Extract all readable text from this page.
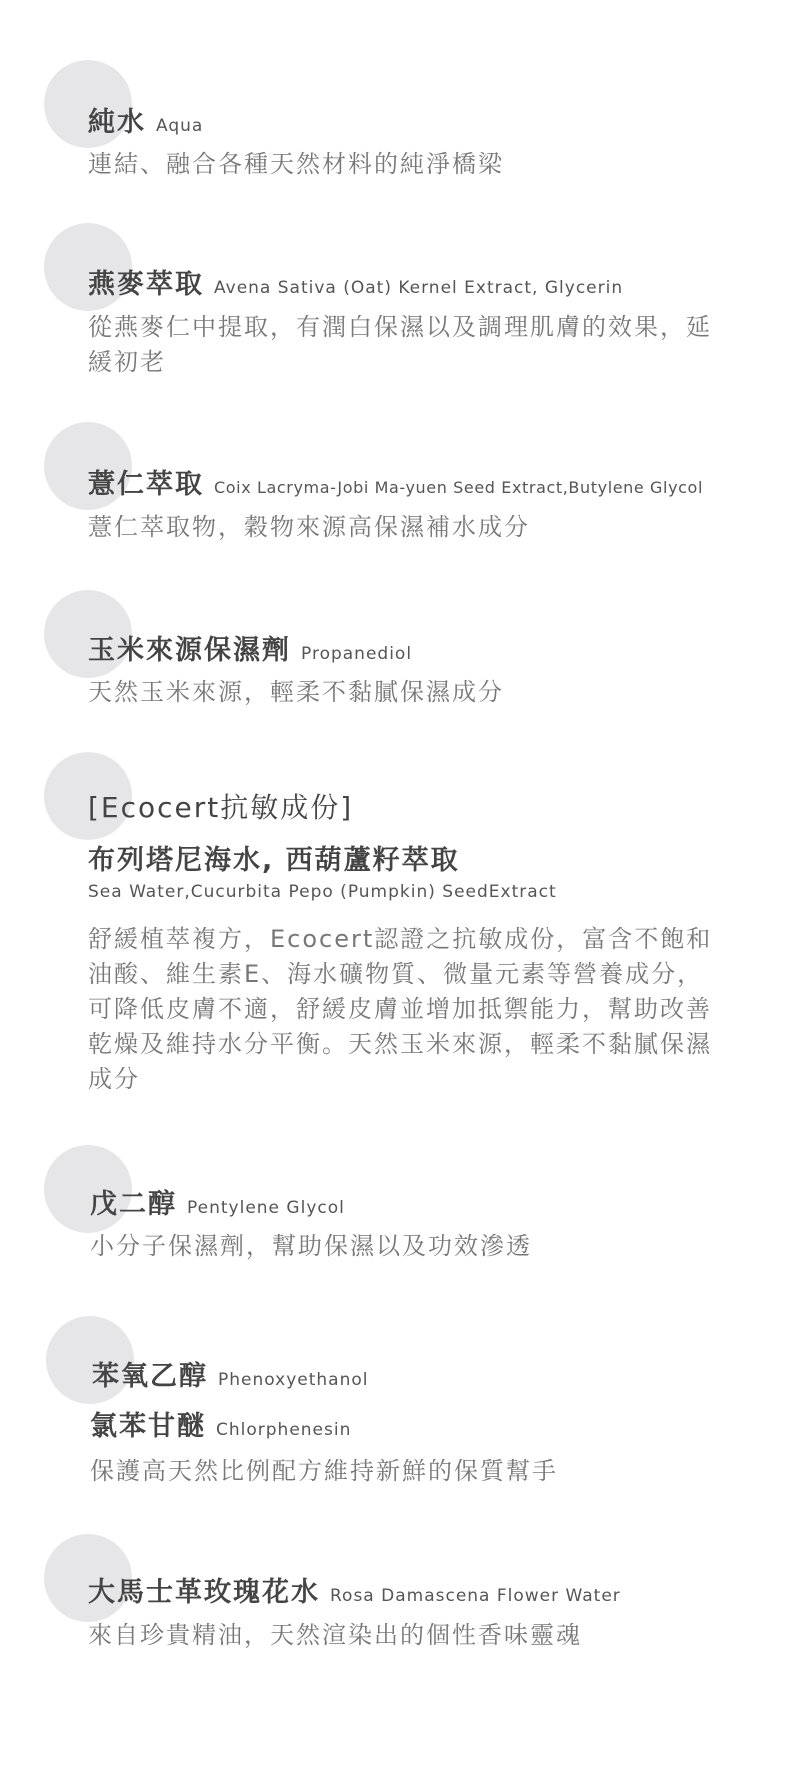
純水 Aqua
連結、融合各種天然材料的純淨橋梁
燕麥萃取 Avena Sativa (Oat) Kernel Extract, Glycerin
從燕麥仁中提取，有潤白保濕以及調理肌膚的效果，延緩初老
薏仁萃取 Coix Lacryma-Jobi Ma-yuen Seed Extract,Butylene Glycol
薏仁萃取物，穀物來源高保濕補水成分
玉米來源保濕劑 Propanediol
天然玉米來源，輕柔不黏膩保濕成分
[Ecocert抗敏成份]
布列塔尼海水, 西葫蘆籽萃取
Sea Water,Cucurbita Pepo (Pumpkin) SeedExtract
舒緩植萃複方，Ecocert認證之抗敏成份，富含不飽和油酸、維生素E、海水礦物質、微量元素等營養成分，可降低皮膚不適，舒緩皮膚並增加抵禦能力，幫助改善乾燥及維持水分平衡。天然玉米來源，輕柔不黏膩保濕成分
戊二醇 Pentylene Glycol
小分子保濕劑，幫助保濕以及功效滲透
苯氧乙醇 Phenoxyethanol
氯苯甘醚 Chlorphenesin
保護高天然比例配方維持新鮮的保質幫手
大馬士革玫瑰花水 Rosa Damascena Flower Water
來自珍貴精油，天然渲染出的個性香味靈魂
